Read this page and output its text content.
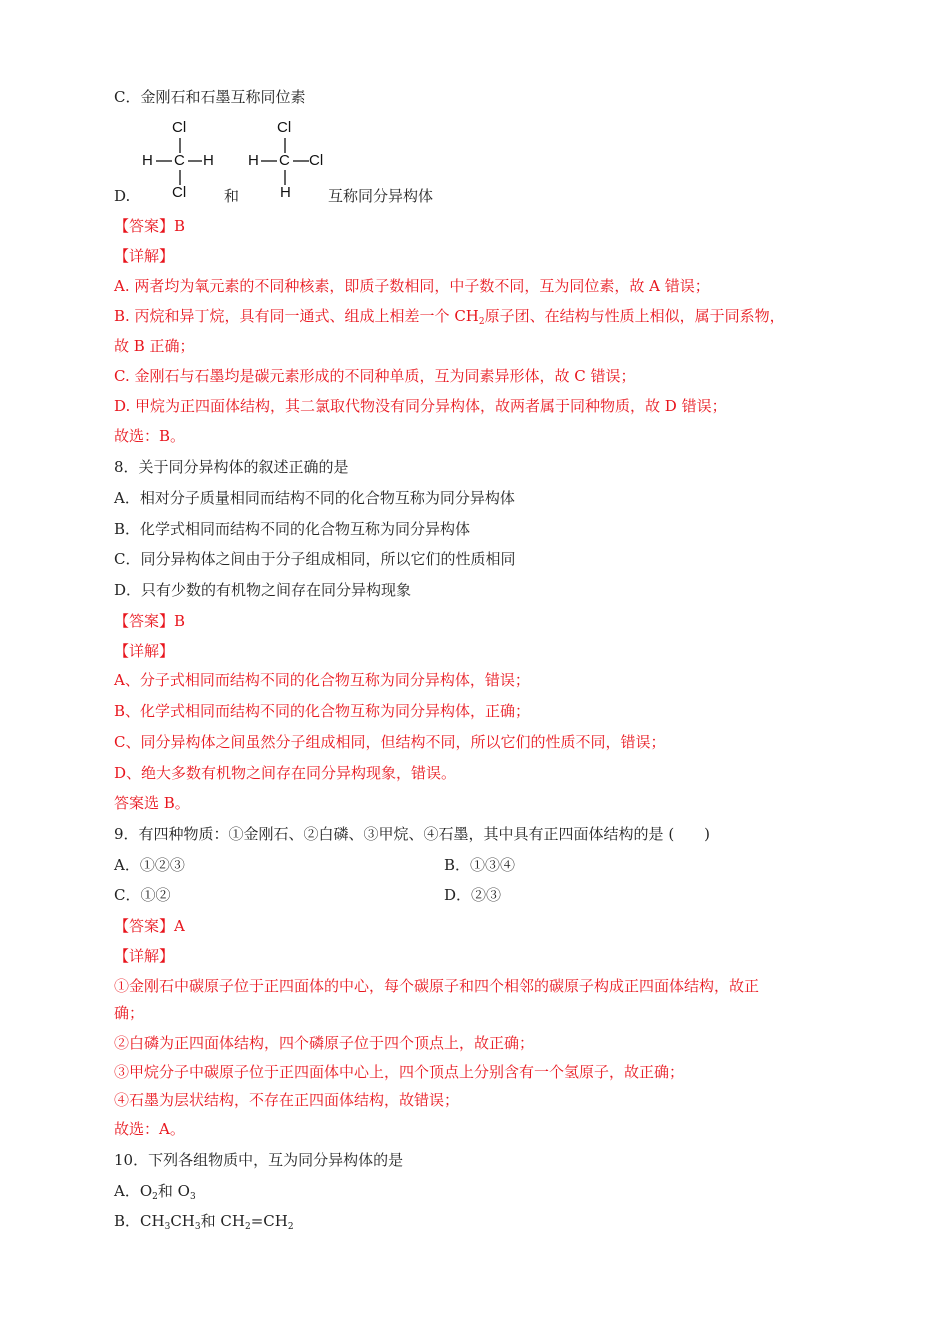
C．金刚石和石墨互称同位素
D.
Cl
H C H
Cl	和
Cl
H C Cl
H 互称同分异构体
【答案】B
【详解】
A. 两者均为氧元素的不同种核素，即质子数相同，中子数不同，互为同位素，故 A 错误；
B. 丙烷和异丁烷，具有同一通式、组成上相差一个 $CH_2$原子团、在结构与性质上相似，属于同系物，
故 B 正确；
C. 金刚石与石墨均是碳元素形成的不同种单质，互为同素异形体，故 C 错误；
D. 甲烷为正四面体结构，其二氯取代物没有同分异构体，故两者属于同种物质，故 D 错误；
故选：B。
8．关于同分异构体的叙述正确的是
A．相对分子质量相同而结构不同的化合物互称为同分异构体
B．化学式相同而结构不同的化合物互称为同分异构体
C．同分异构体之间由于分子组成相同，所以它们的性质相同
D．只有少数的有机物之间存在同分异构现象
【答案】B
【详解】
A、分子式相同而结构不同的化合物互称为同分异构体，错误；
B、化学式相同而结构不同的化合物互称为同分异构体，正确；
C、同分异构体之间虽然分子组成相同，但结构不同，所以它们的性质不同，错误；
D、绝大多数有机物之间存在同分异构现象，错误。
答案选 B。
9．有四种物质：①金刚石、②白磷、③甲烷、④石墨，其中具有正四面体结构的是 (　　)
A．①②③	B．①③④
C．①②	D．②③
【答案】A
【详解】
①金刚石中碳原子位于正四面体的中心，每个碳原子和四个相邻的碳原子构成正四面体结构，故正
确；
②白磷为正四面体结构，四个磷原子位于四个顶点上，故正确；
③甲烷分子中碳原子位于正四面体中心上，四个顶点上分别含有一个氢原子，故正确；
④石墨为层状结构，不存在正四面体结构，故错误；
故选：A。
10．下列各组物质中，互为同分异构体的是
A．$O_2$和 $O_3$
B．$CH_3CH_3$和 $CH_2=CH_2$
